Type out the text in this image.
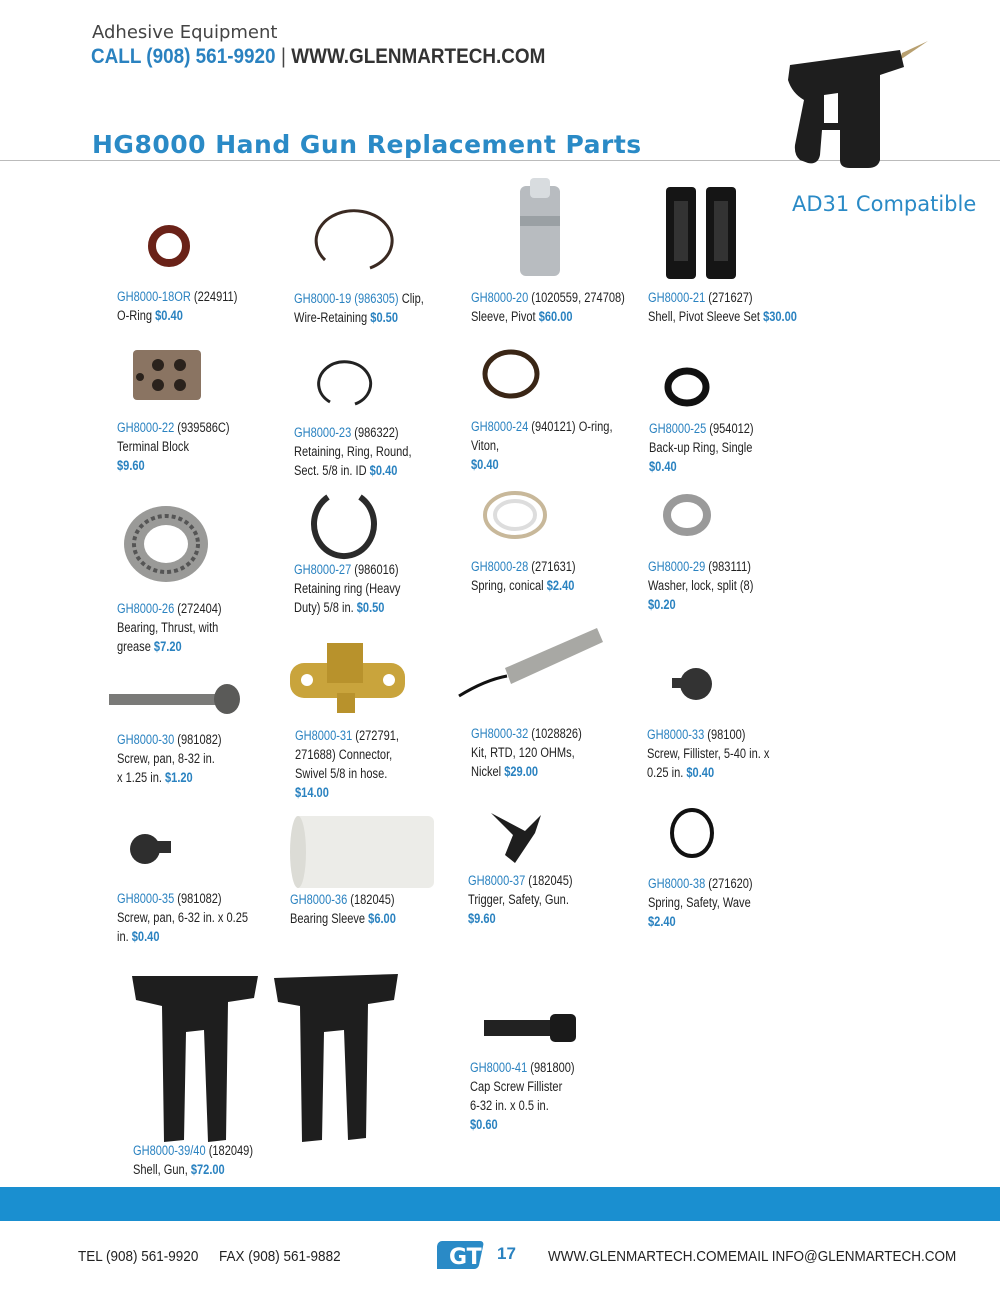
Adhesive Equipment
CALL (908) 561-9920 | WWW.GLENMARTECH.COM
HG8000 Hand Gun Replacement Parts
AD31 Compatible
GH8000-18OR (224911)
O-Ring $0.40
GH8000-19 (986305) Clip,
Wire-Retaining $0.50
GH8000-20 (1020559, 274708)
Sleeve, Pivot $60.00
GH8000-21 (271627)
Shell, Pivot Sleeve Set $30.00
GH8000-22 (939586C)
Terminal Block
$9.60
GH8000-23 (986322)
Retaining, Ring, Round,
Sect. 5/8 in. ID $0.40
GH8000-24 (940121) O-ring,
Viton,
$0.40
GH8000-25 (954012)
Back-up Ring, Single
$0.40
GH8000-26 (272404)
Bearing, Thrust, with
grease $7.20
GH8000-27 (986016)
Retaining ring (Heavy
Duty) 5/8 in. $0.50
GH8000-28 (271631)
Spring, conical $2.40
GH8000-29 (983111)
Washer, lock, split (8)
$0.20
GH8000-30 (981082)
Screw, pan, 8-32 in.
x 1.25 in. $1.20
GH8000-31 (272791,
271688) Connector,
Swivel 5/8 in hose.
$14.00
GH8000-32 (1028826)
Kit, RTD, 120 OHMs,
Nickel $29.00
GH8000-33 (98100)
Screw, Fillister, 5-40 in. x
0.25 in. $0.40
GH8000-35 (981082)
Screw, pan, 6-32 in. x 0.25
in. $0.40
GH8000-36 (182045)
Bearing Sleeve $6.00
GH8000-37 (182045)
Trigger, Safety, Gun.
$9.60
GH8000-38 (271620)
Spring, Safety, Wave
$2.40
GH8000-39/40 (182049)
Shell, Gun, $72.00
GH8000-41 (981800)
Cap Screw Fillister
6-32 in. x 0.5 in.
$0.60
TEL (908) 561-9920 FAX (908) 561-9882	GT 17 WWW.GLENMARTECH.COM EMAIL INFO@GLENMARTECH.COM
